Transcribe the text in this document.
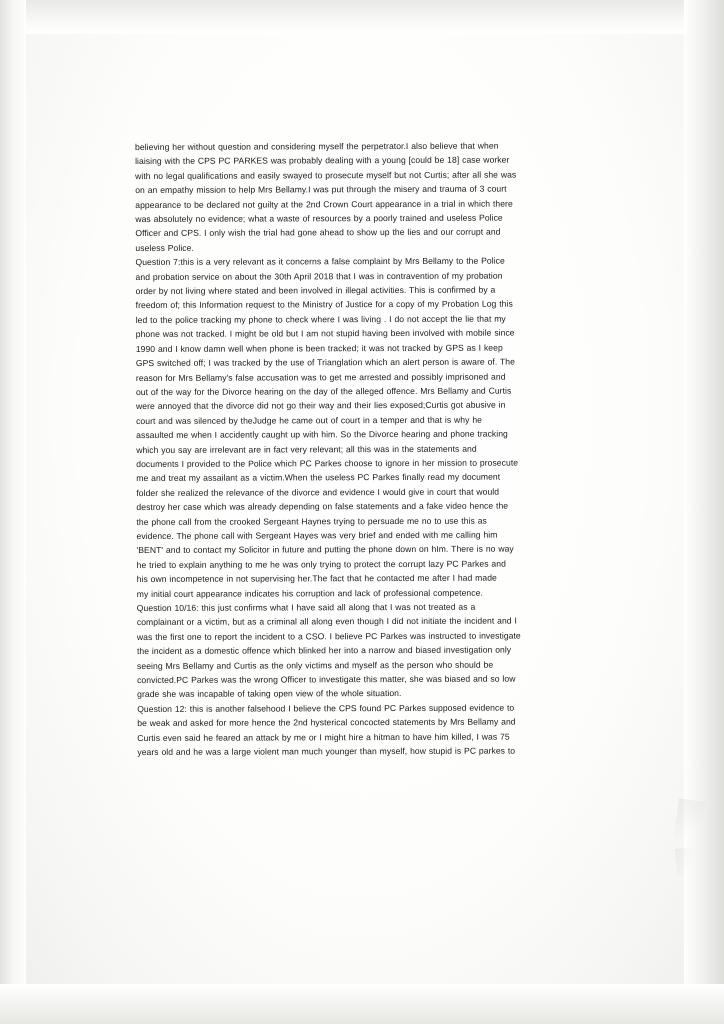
believing her without question and considering myself the perpetrator.I also believe that when

liaising with the CPS PC PARKES was probably dealing with a young [could be 18] case worker

with no legal qualifications and easily swayed to prosecute myself but not Curtis; after all she was

on an empathy mission to help Mrs Bellamy.I was put through the misery and trauma of 3 court

appearance to be declared not guilty at the 2nd Crown Court appearance in a trial in which there

was absolutely no evidence; what a waste of resources by a poorly trained and useless Police

Officer and CPS. I only wish the trial had gone ahead to show up the lies and our corrupt and

useless Police.

Question 7:this is a very relevant as it concerns a false complaint by Mrs Bellamy to the Police

and probation service on about the 30th April 2018 that I was in contravention of my probation

order by not living where stated and been involved in illegal activities. This is confirmed by a

freedom of; this Information request to the Ministry of Justice for a copy of my Probation Log this

led to the police tracking my phone to check where I was living . I do not accept the lie that my

phone was not tracked. I might be old but I am not stupid having been involved with mobile since

1990 and I know damn well when phone is been tracked; it was not tracked by GPS as I keep

GPS switched off; I was tracked by the use of Trianglation which an alert person is aware of. The

reason for Mrs Bellamy's false accusation was to get me arrested and possibly imprisoned and

out of the way for the Divorce hearing on the day of the alleged offence. Mrs Bellamy and Curtis

were annoyed that the divorce did not go their way and their lies exposed;Curtis got abusive in

court and was silenced by theJudge he came out of court in a temper and that is why he

assaulted me when I accidently caught up with him. So the Divorce hearing and phone tracking

which you say are irrelevant are in fact very relevant; all this was in the statements and

documents I provided to the Police which PC Parkes choose to ignore in her mission to prosecute

me and treat my assailant as a victim.When the useless PC Parkes finally read my document

folder she realized the relevance of the divorce and evidence I would give in court that would

destroy her case which was already depending on false statements and a fake video hence the

the phone call from the crooked Sergeant Haynes trying to persuade me no to use this as

evidence. The phone call with Sergeant Hayes was very brief and ended with me calling him

'BENT' and to contact my Solicitor in future and putting the phone down on hIm. There is no way

he tried to explain anything to me he was only trying to protect the corrupt lazy PC Parkes and

his own incompetence in not supervising her.The fact that he contacted me after I had made

my initial court appearance indicates his corruption and lack of professional competence.

Question 10/16: this just confirms what I have said all along that I was not treated as a

complainant or a victim, but as a criminal all along even though I did not initiate the incident and I

was the first one to report the incident to a CSO. I believe PC Parkes was instructed to investigate

the incident as a domestic offence which blinked her into a narrow and biased investigation only

seeing Mrs Bellamy and Curtis as the only victims and myself as the person who should be

convicted.PC Parkes was the wrong Officer to investigate this matter, she was biased and so low

grade she was incapable of taking open view of the whole situation.

Question 12: this is another falsehood I believe the CPS found PC Parkes supposed evidence to

be weak and asked for more hence the 2nd hysterical concocted statements by Mrs Bellamy and

Curtis even said he feared an attack by me or I might hire a hitman to have him killed, I was 75

years old and he was a large violent man much younger than myself, how stupid is PC parkes to
